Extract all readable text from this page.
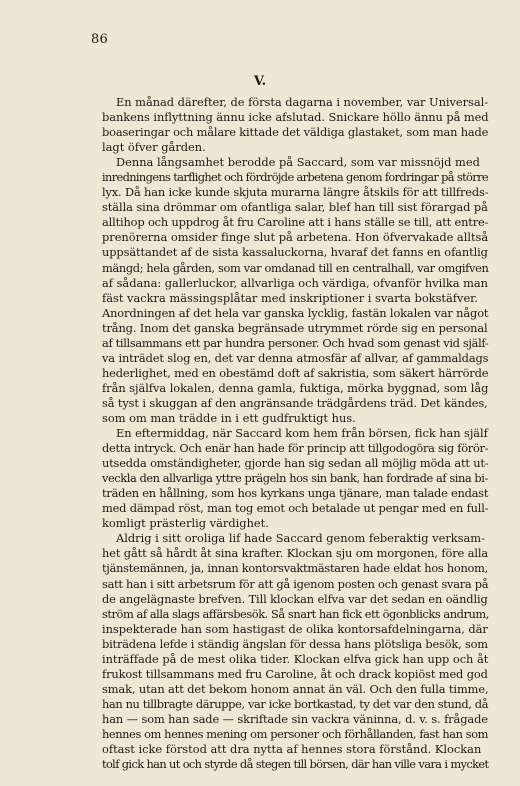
86
V.
En månad därefter, de första dagarna i november, var Universal-
bankens inflyttning ännu icke afslutad. Snickare höllo ännu på med
boaseringar och målare kittade det väldiga glastaket, som man hade
lagt öfver gården.
Denna långsamhet berodde på Saccard, som var missnöjd med
inredningens tarflighet och fördröjde arbetena genom fordringar på större
lyx. Då han icke kunde skjuta murarna längre åtskils för att tillfreds-
ställa sina drömmar om ofantliga salar, blef han till sist förargad på
alltihop och uppdrog åt fru Caroline att i hans ställe se till, att entre-
prenörerna omsider finge slut på arbetena. Hon öfvervakade alltså
uppsättandet af de sista kassaluckorna, hvaraf det fanns en ofantlig
mängd; hela gården, som var omdanad till en centralhall, var omgifven
af sådana: gallerluckor, allvarliga och värdiga, ofvanför hvilka man
fäst vackra mässingsplåtar med inskriptioner i svarta bokstäfver.
Anordningen af det hela var ganska lycklig, fastän lokalen var något
trång. Inom det ganska begränsade utrymmet rörde sig en personal
af tillsammans ett par hundra personer. Och hvad som genast vid själf-
va inträdet slog en, det var denna atmosfär af allvar, af gammaldags
hederlighet, med en obestämd doft af sakristia, som säkert härrörde
från själfva lokalen, denna gamla, fuktiga, mörka byggnad, som låg
så tyst i skuggan af den angränsande trädgårdens träd. Det kändes,
som om man trädde in i ett gudfruktigt hus.
En eftermiddag, när Saccard kom hem från börsen, fick han själf
detta intryck. Och enär han hade för princip att tillgodogöra sig förör-
utsedda omständigheter, gjorde han sig sedan all möjlig möda att ut-
veckla den allvarliga yttre prägeln hos sin bank, han fordrade af sina bi-
träden en hållning, som hos kyrkans unga tjänare, man talade endast
med dämpad röst, man tog emot och betalade ut pengar med en full-
komligt prästerlig värdighet.
Aldrig i sitt oroliga lif hade Saccard genom feberaktig verksam-
het gått så hårdt åt sina krafter. Klockan sju om morgonen, före alla
tjänstemännen, ja, innan kontorsvaktmästaren hade eldat hos honom,
satt han i sitt arbetsrum för att gå igenom posten och genast svara på
de angelägnaste brefven. Till klockan elfva var det sedan en oändlig
ström af alla slags affärsbesök. Så snart han fick ett ögonblicks andrum,
inspekterade han som hastigast de olika kontorsafdelningarna, där
biträdena lefde i ständig ängslan för dessa hans plötsliga besök, som
inträffade på de mest olika tider. Klockan elfva gick han upp och åt
frukost tillsammans med fru Caroline, åt och drack kopiöst med god
smak, utan att det bekom honom annat än väl. Och den fulla timme,
han nu tillbragte däruppe, var icke bortkastad, ty det var den stund, då
han — som han sade — skriftade sin vackra väninna, d. v. s. frågade
hennes om hennes mening om personer och förhållanden, fast han som
oftast icke förstod att dra nytta af hennes stora förstånd. Klockan
tolf gick han ut och styrde då stegen till börsen, där han ville vara i mycket
